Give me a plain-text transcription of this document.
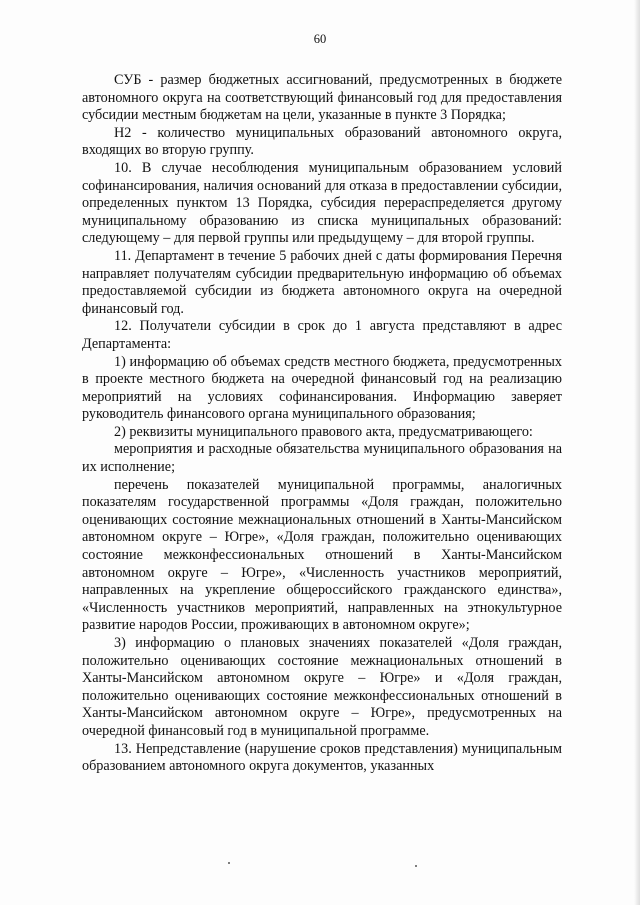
60

СУБ - размер бюджетных ассигнований, предусмотренных в бюджете автономного округа на соответствующий финансовый год для предоставления субсидии местным бюджетам на цели, указанные в пункте 3 Порядка;

Н2 - количество муниципальных образований автономного округа, входящих во вторую группу.

10. В случае несоблюдения муниципальным образованием условий софинансирования, наличия оснований для отказа в предоставлении субсидии, определенных пунктом 13 Порядка, субсидия перераспределяется другому муниципальному образованию из списка муниципальных образований: следующему – для первой группы или предыдущему – для второй группы.

11. Департамент в течение 5 рабочих дней с даты формирования Перечня направляет получателям субсидии предварительную информацию об объемах предоставляемой субсидии из бюджета автономного округа на очередной финансовый год.

12. Получатели субсидии в срок до 1 августа представляют в адрес Департамента:

1) информацию об объемах средств местного бюджета, предусмотренных в проекте местного бюджета на очередной финансовый год на реализацию мероприятий на условиях софинансирования. Информацию заверяет руководитель финансового органа муниципального образования;

2) реквизиты муниципального правового акта, предусматривающего:

мероприятия и расходные обязательства муниципального образования на их исполнение;

перечень показателей муниципальной программы, аналогичных показателям государственной программы «Доля граждан, положительно оценивающих состояние межнациональных отношений в Ханты-Мансийском автономном округе – Югре», «Доля граждан, положительно оценивающих состояние межконфессиональных отношений в Ханты-Мансийском автономном округе – Югре», «Численность участников мероприятий, направленных на укрепление общероссийского гражданского единства», «Численность участников мероприятий, направленных на этнокультурное развитие народов России, проживающих в автономном округе»;

3) информацию о плановых значениях показателей «Доля граждан, положительно оценивающих состояние межнациональных отношений в Ханты-Мансийском автономном округе – Югре» и «Доля граждан, положительно оценивающих состояние межконфессиональных отношений в Ханты-Мансийском автономном округе – Югре», предусмотренных на очередной финансовый год в муниципальной программе.

13. Непредставление (нарушение сроков представления) муниципальным образованием автономного округа документов, указанных
